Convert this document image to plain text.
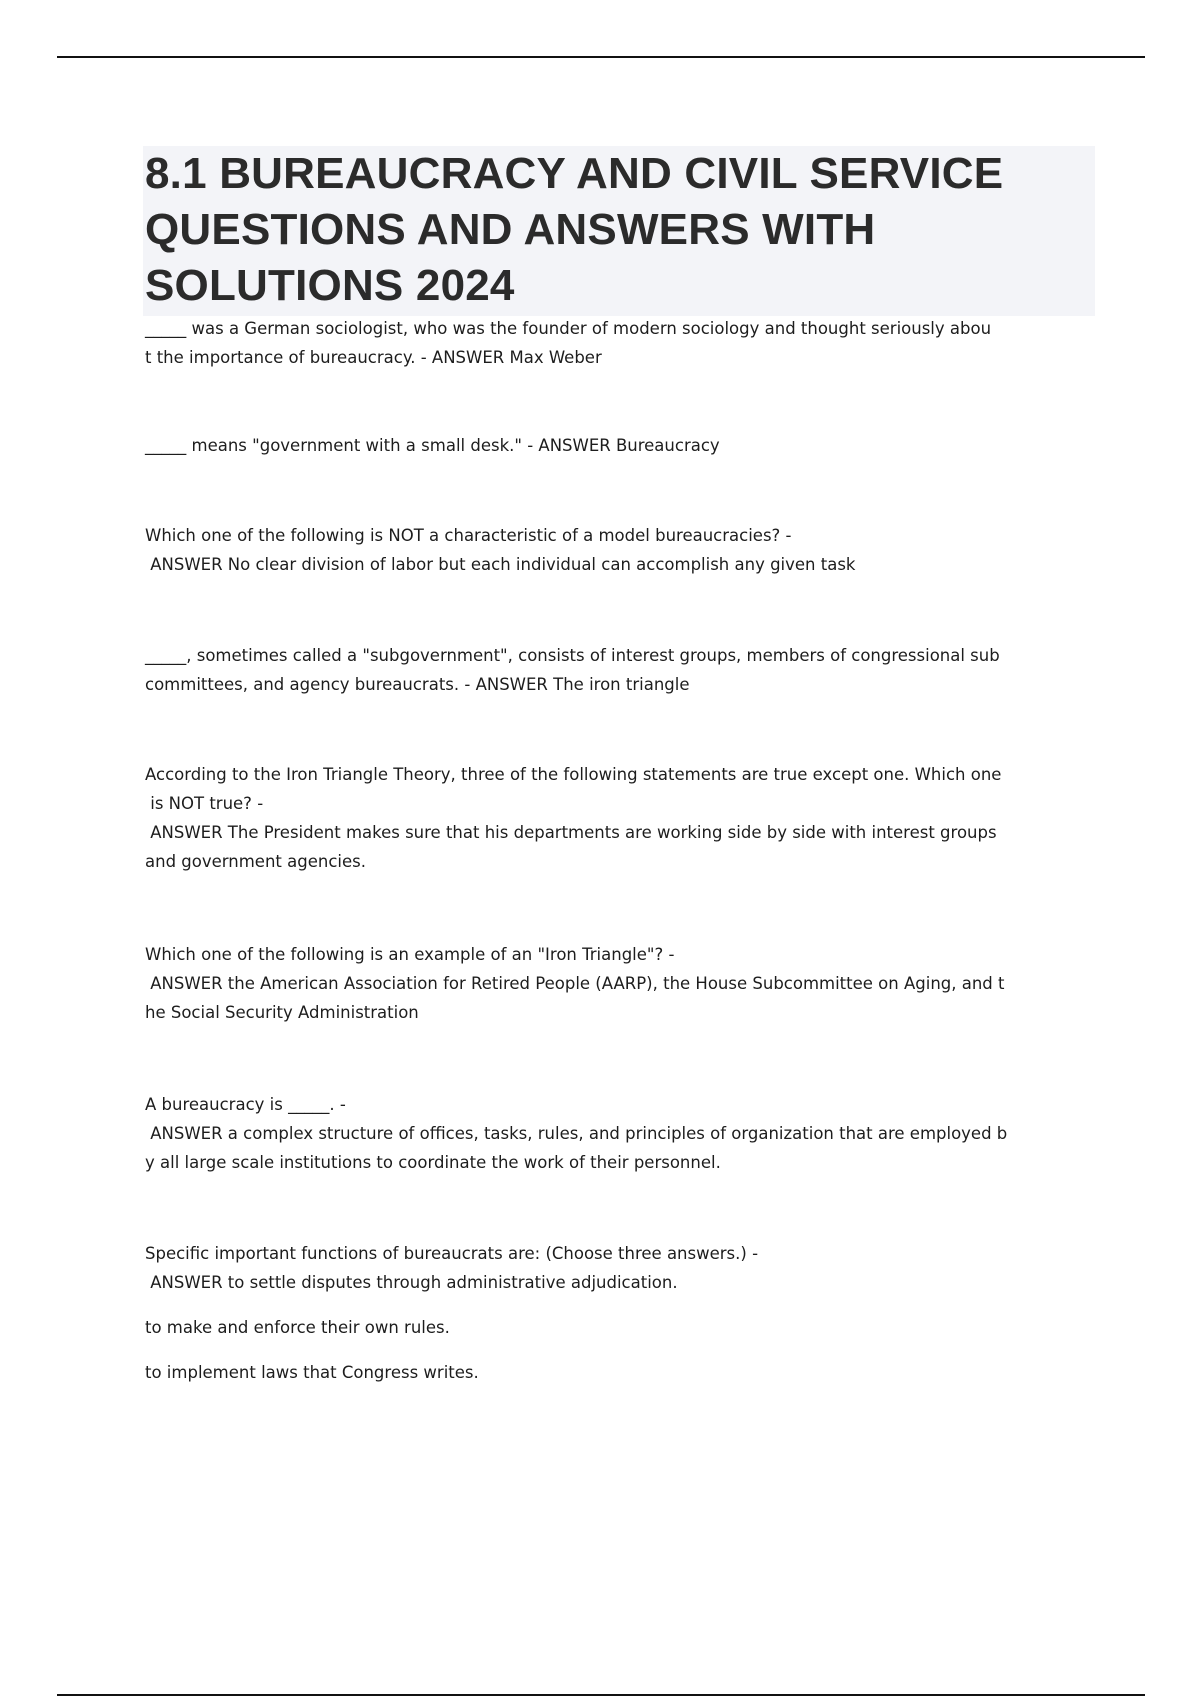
8.1 BUREAUCRACY AND CIVIL SERVICE QUESTIONS AND ANSWERS WITH SOLUTIONS 2024

_____ was a German sociologist, who was the founder of modern sociology and thought seriously abou

t the importance of bureaucracy. - ANSWER Max Weber

_____ means "government with a small desk." - ANSWER Bureaucracy

Which one of the following is NOT a characteristic of a model bureaucracies? -

ANSWER No clear division of labor but each individual can accomplish any given task

_____, sometimes called a "subgovernment", consists of interest groups, members of congressional sub

committees, and agency bureaucrats. - ANSWER The iron triangle

According to the Iron Triangle Theory, three of the following statements are true except one. Which one

is NOT true? -

ANSWER The President makes sure that his departments are working side by side with interest groups

and government agencies.

Which one of the following is an example of an "Iron Triangle"? -

ANSWER the American Association for Retired People (AARP), the House Subcommittee on Aging, and t

he Social Security Administration

A bureaucracy is _____. -

ANSWER a complex structure of offices, tasks, rules, and principles of organization that are employed b

y all large scale institutions to coordinate the work of their personnel.

Specific important functions of bureaucrats are: (Choose three answers.) -

ANSWER to settle disputes through administrative adjudication.

to make and enforce their own rules.

to implement laws that Congress writes.
